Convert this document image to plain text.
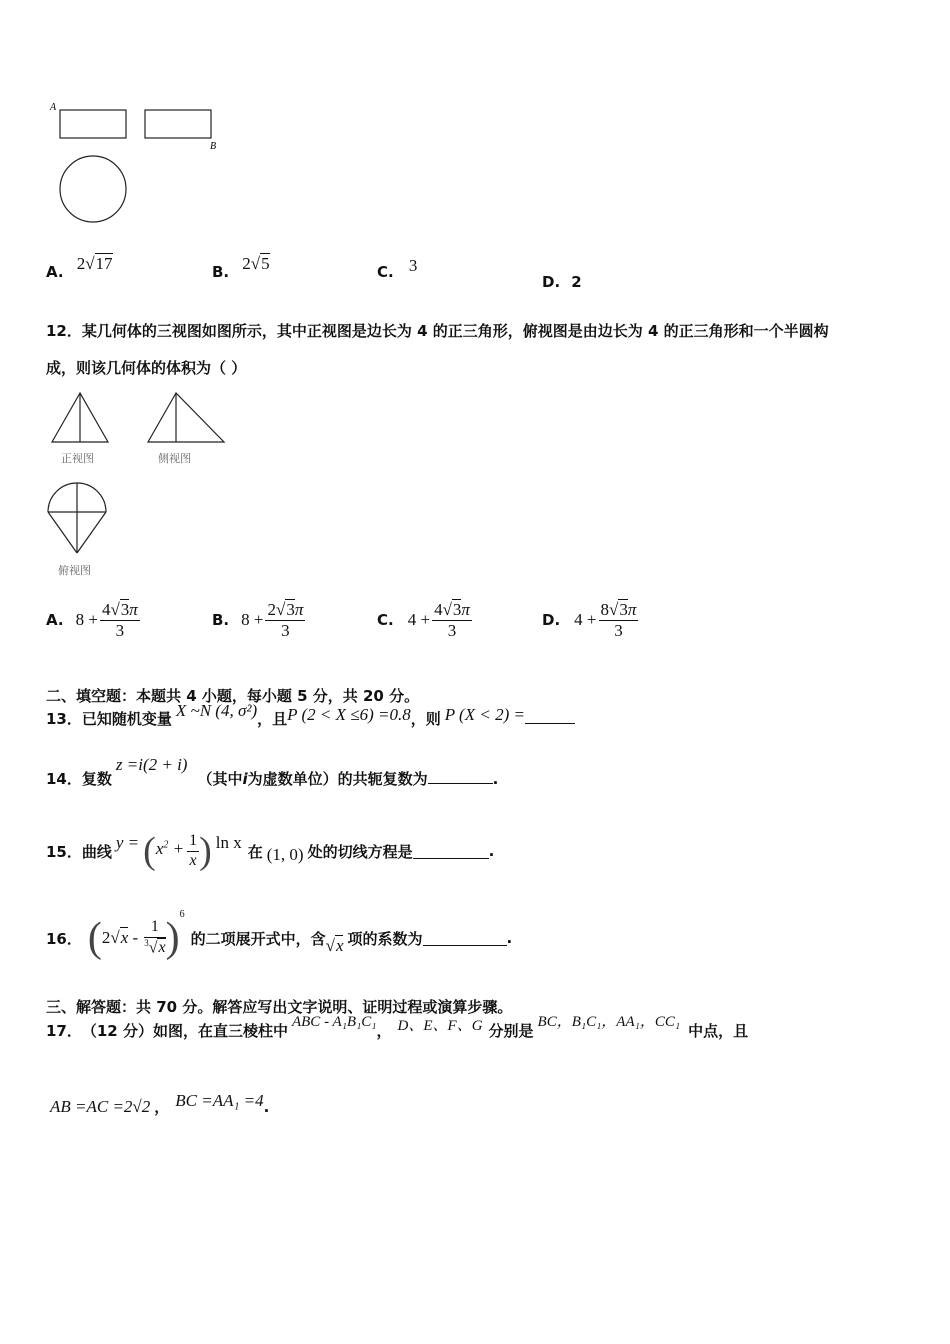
A
B
A. 2√17	B. 2√5	C. 3
D. 2
12．某几何体的三视图如图所示，其中正视图是边长为 4 的正三角形，俯视图是由边长为 4 的正三角形和一个半圆构
成，则该几何体的体积为（ ）
正视图	侧视图
俯视图
A. $8 + \frac{4√3\pi}{3}$	B. $8 + \frac{2√3\pi}{3}$	C. $4 + \frac{4√3\pi}{3}$	D. $4 + \frac{8√3\pi}{3}$
二、填空题：本题共 4 小题，每小题 5 分，共 20 分。
13． 已知随机变量 X ~N (4, σ²) ，且 P (2 < X ≤6) =0.8 ，则 P (X < 2) =
14． 复数
z =i(2 + i)
（其中 i 为虚数单位）的共轭复数为	.
15． 曲线 y = ( $x^2 + \frac{1}{x}$ ) ln x 在 (1, 0) 处的切线方程是	.
16． ( $2√x - \frac{1}{^3√x}$ )
6
的二项展开式中，含 √x 项的系数为	.
三、解答题：共 70 分。解答应写出文字说明、证明过程或演算步骤。
17． （12 分）如图，在直三棱柱中 ABC - A₁B₁C₁ ， D、E、F、G 分别是 BC，B₁C₁，AA₁，CC₁ 中点，且
AB =AC =2√2 ， BC =AA₁ =4 .
